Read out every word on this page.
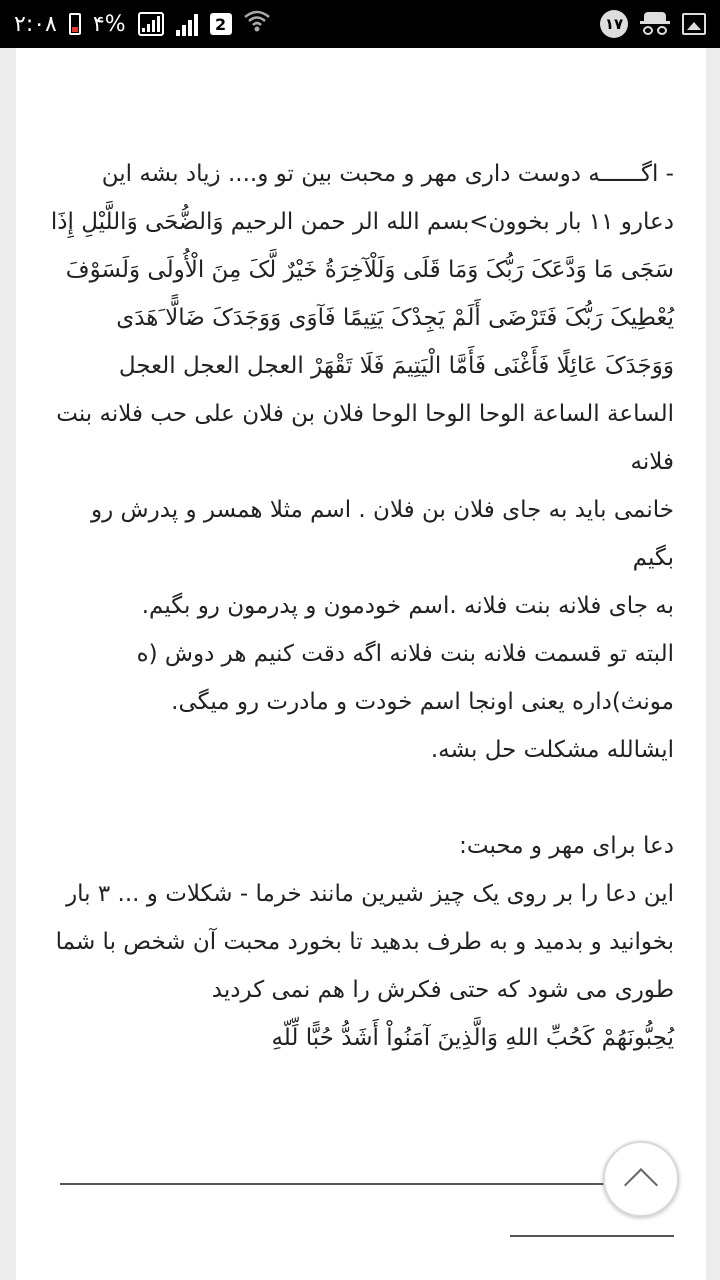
۲:۰۸ ۴%	2	۱۷

- اگــــــه دوست داری مهر و محبت بین تو و.... زیاد بشه این دعارو ۱۱ بار بخوون>بسم الله الر حمن الرحیم وَالضُّحَی وَاللَّیْلِ إِذَا سَجَی مَا وَدَّعَکَ رَبُّکَ وَمَا قَلَی وَلَلْآخِرَةُ خَیْرٌ لَّکَ مِنَ الْأُولَی وَلَسَوْفَ یُعْطِیکَ رَبُّکَ فَتَرْضَی أَلَمْ یَجِدْکَ یَتِیمًا فَآوَی وَوَجَدَکَ ضَالًّا َهَدَی وَوَجَدَکَ عَائِلًا فَأَغْنَی فَأَمَّا الْیَتِیمَ فَلَا تَقْهَرْ العجل العجل العجل الساعة الساعة الوحا الوحا الوحا فلان بن فلان علی حب فلانه بنت فلانه

خانمی باید به جای فلان بن فلان . اسم مثلا همسر و پدرش رو بگیم

به جای فلانه بنت فلانه .اسم خودمون و پدرمون رو بگیم.

البته تو قسمت فلانه بنت فلانه اگه دقت کنیم هر دوش (ه مونث)داره یعنی اونجا اسم خودت و مادرت رو میگی.

ایشالله مشکلت حل بشه.

دعا برای مهر و محبت:

این دعا را بر روی یک چیز شیرین مانند خرما - شکلات و ... ۳ بار بخوانید و بدمید و به طرف بدهید تا بخورد محبت آن شخص با شما طوری می شود که حتی فکرش را هم نمی کردید

یُحِبُّونَهُمْ کَحُبِّ اللهِ وَالَّذِینَ آمَنُواْ أَشَدُّ حُبًّا لِّلّهِ
